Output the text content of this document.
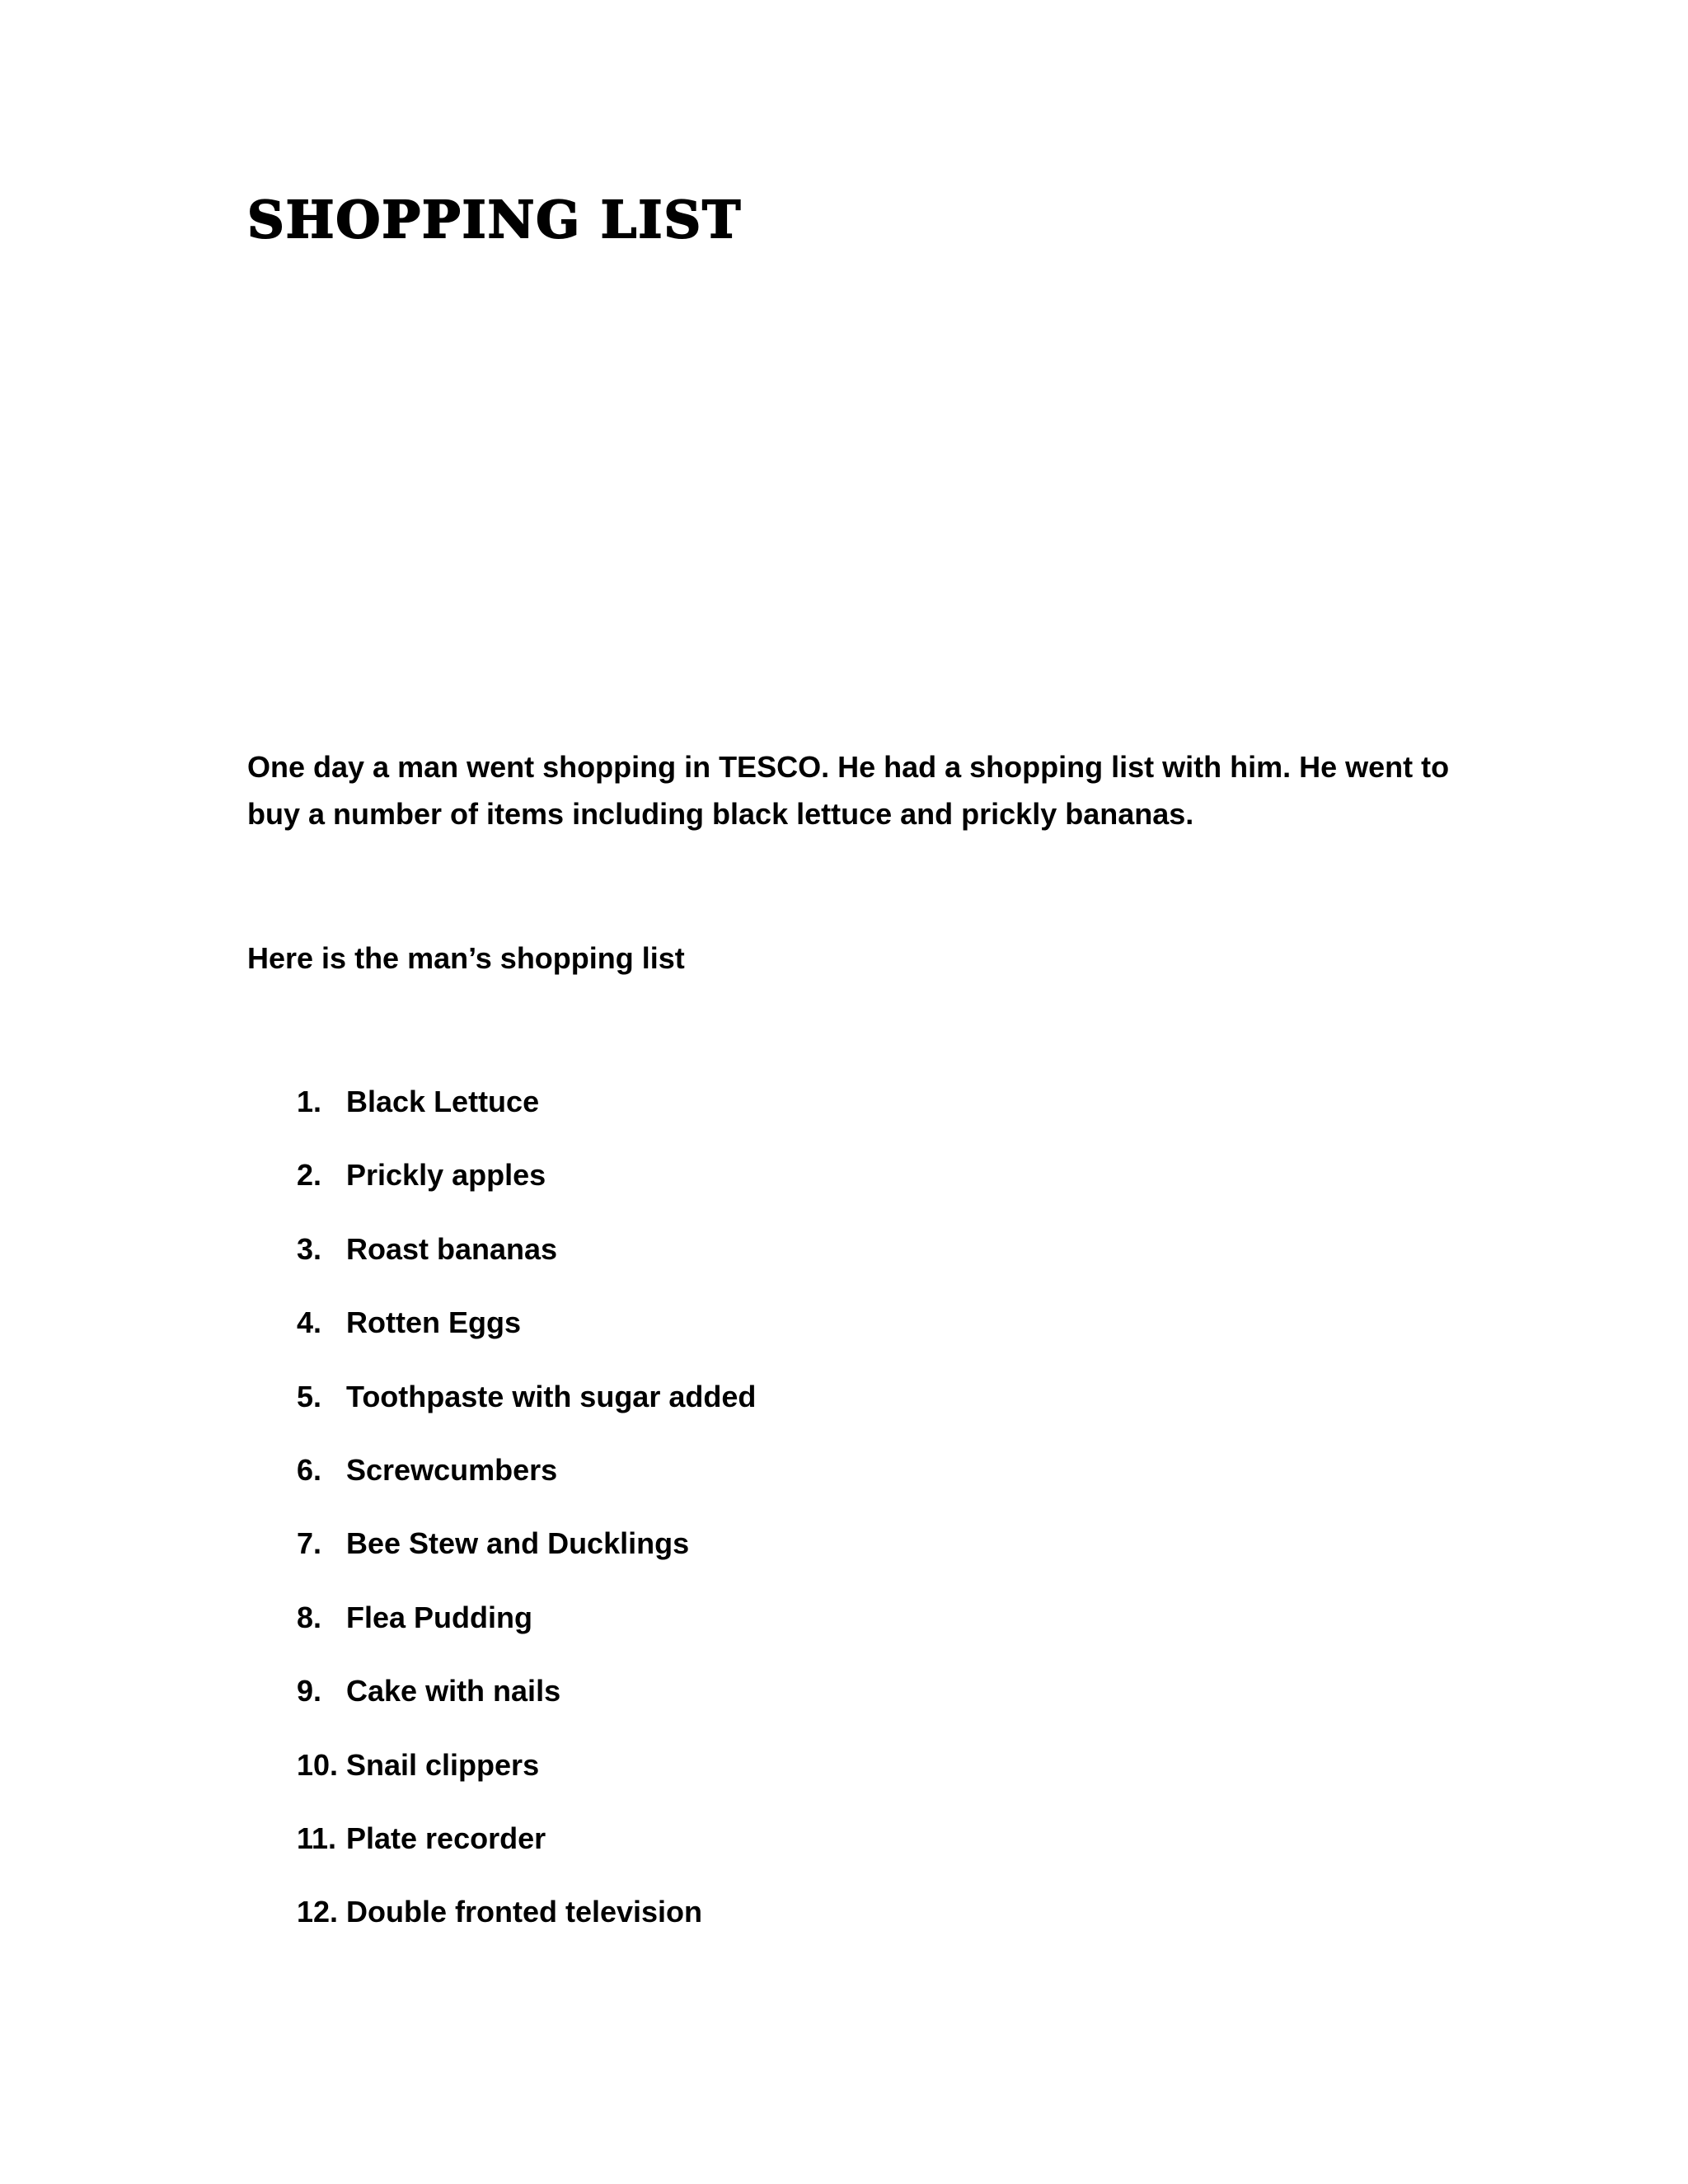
SHOPPING LIST

One day a man went shopping in TESCO. He had a shopping list with him. He went to buy a number of items including black lettuce and prickly bananas.

Here is the man’s shopping list

1. Black Lettuce
2. Prickly apples
3. Roast bananas
4. Rotten Eggs
5. Toothpaste with sugar added
6. Screwcumbers
7. Bee Stew and Ducklings
8. Flea Pudding
9. Cake with nails
10. Snail clippers
11. Plate recorder
12. Double fronted television
